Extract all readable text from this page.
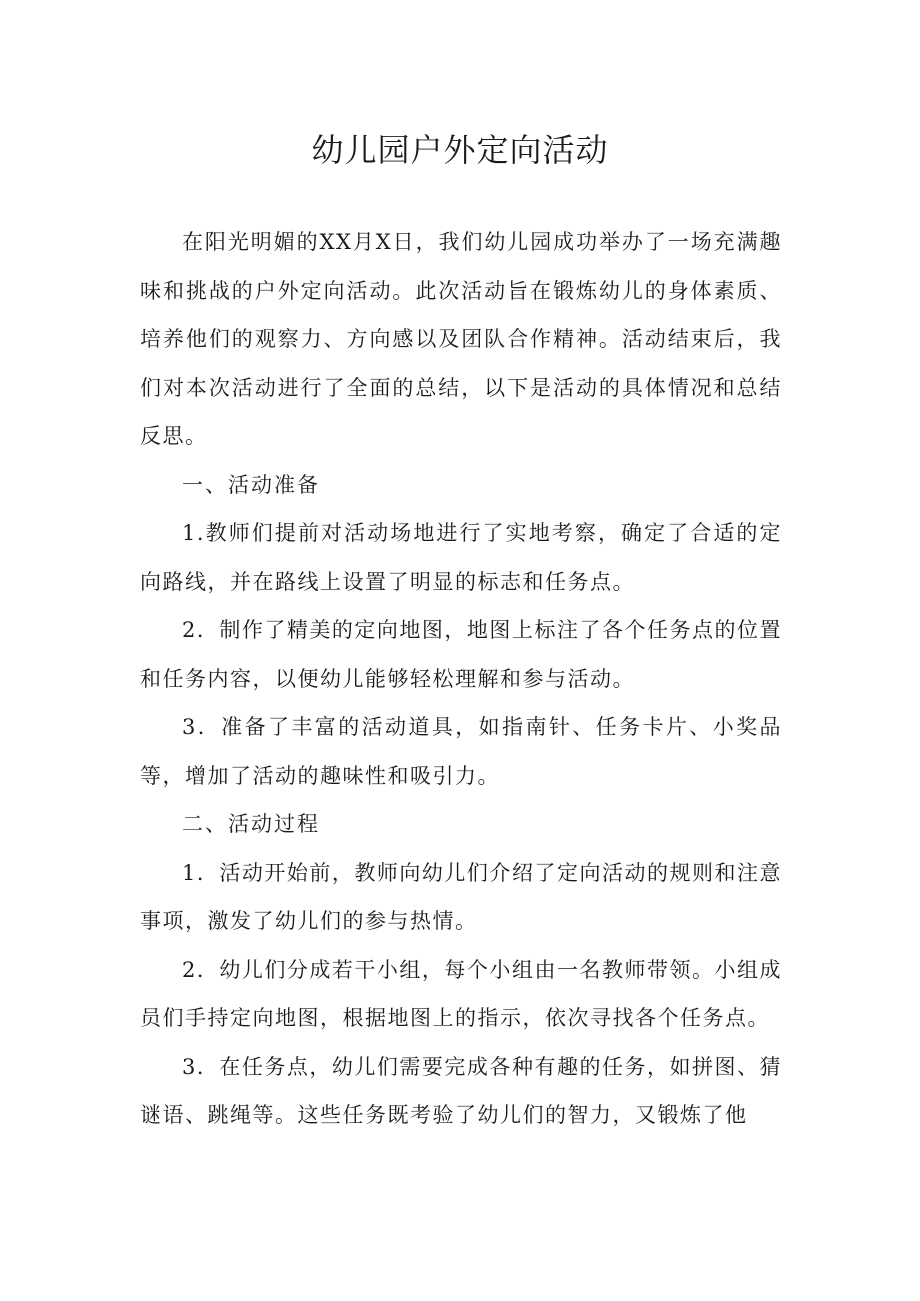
幼儿园户外定向活动

在阳光明媚的XX月X日，我们幼儿园成功举办了一场充满趣味和挑战的户外定向活动。此次活动旨在锻炼幼儿的身体素质、培养他们的观察力、方向感以及团队合作精神。活动结束后，我们对本次活动进行了全面的总结，以下是活动的具体情况和总结反思。

一、活动准备

1.教师们提前对活动场地进行了实地考察，确定了合适的定向路线，并在路线上设置了明显的标志和任务点。

2．制作了精美的定向地图，地图上标注了各个任务点的位置和任务内容，以便幼儿能够轻松理解和参与活动。

3．准备了丰富的活动道具，如指南针、任务卡片、小奖品等，增加了活动的趣味性和吸引力。

二、活动过程

1．活动开始前，教师向幼儿们介绍了定向活动的规则和注意事项，激发了幼儿们的参与热情。

2．幼儿们分成若干小组，每个小组由一名教师带领。小组成员们手持定向地图，根据地图上的指示，依次寻找各个任务点。

3．在任务点，幼儿们需要完成各种有趣的任务，如拼图、猜谜语、跳绳等。这些任务既考验了幼儿们的智力，又锻炼了他
